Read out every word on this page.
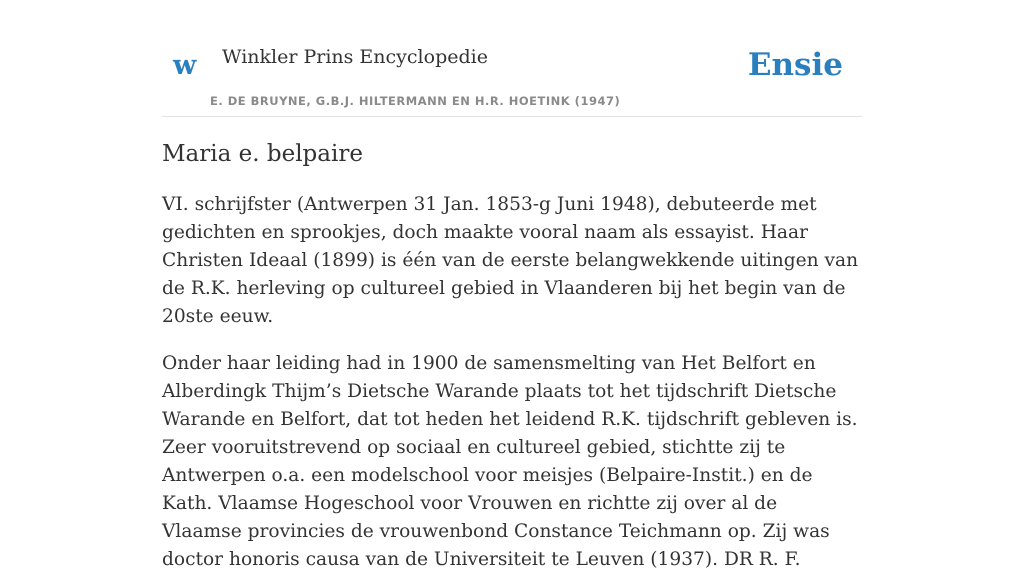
w Winkler Prins Encyclopedie
E. DE BRUYNE, G.B.J. HILTERMANN EN H.R. HOETINK (1947)
Ensie
Maria e. belpaire

VI. schrijfster (Antwerpen 31 Jan. 1853-g Juni 1948), debuteerde met gedichten en sprookjes, doch maakte vooral naam als essayist. Haar Christen Ideaal (1899) is één van de eerste belangwekkende uitingen van de R.K. herleving op cultureel gebied in Vlaanderen bij het begin van de 20ste eeuw.

Onder haar leiding had in 1900 de samensmelting van Het Belfort en Alberdingk Thijm’s Dietsche Warande plaats tot het tijdschrift Dietsche Warande en Belfort, dat tot heden het leidend R.K. tijdschrift gebleven is. Zeer vooruitstrevend op sociaal en cultureel gebied, stichtte zij te Antwerpen o.a. een modelschool voor meisjes (Belpaire-Instit.) en de Kath. Vlaamse Hogeschool voor Vrouwen en richtte zij over al de Vlaamse provincies de vrouwenbond Constance Teichmann op. Zij was doctor honoris causa van de Universiteit te Leuven (1937). DR R. F.
